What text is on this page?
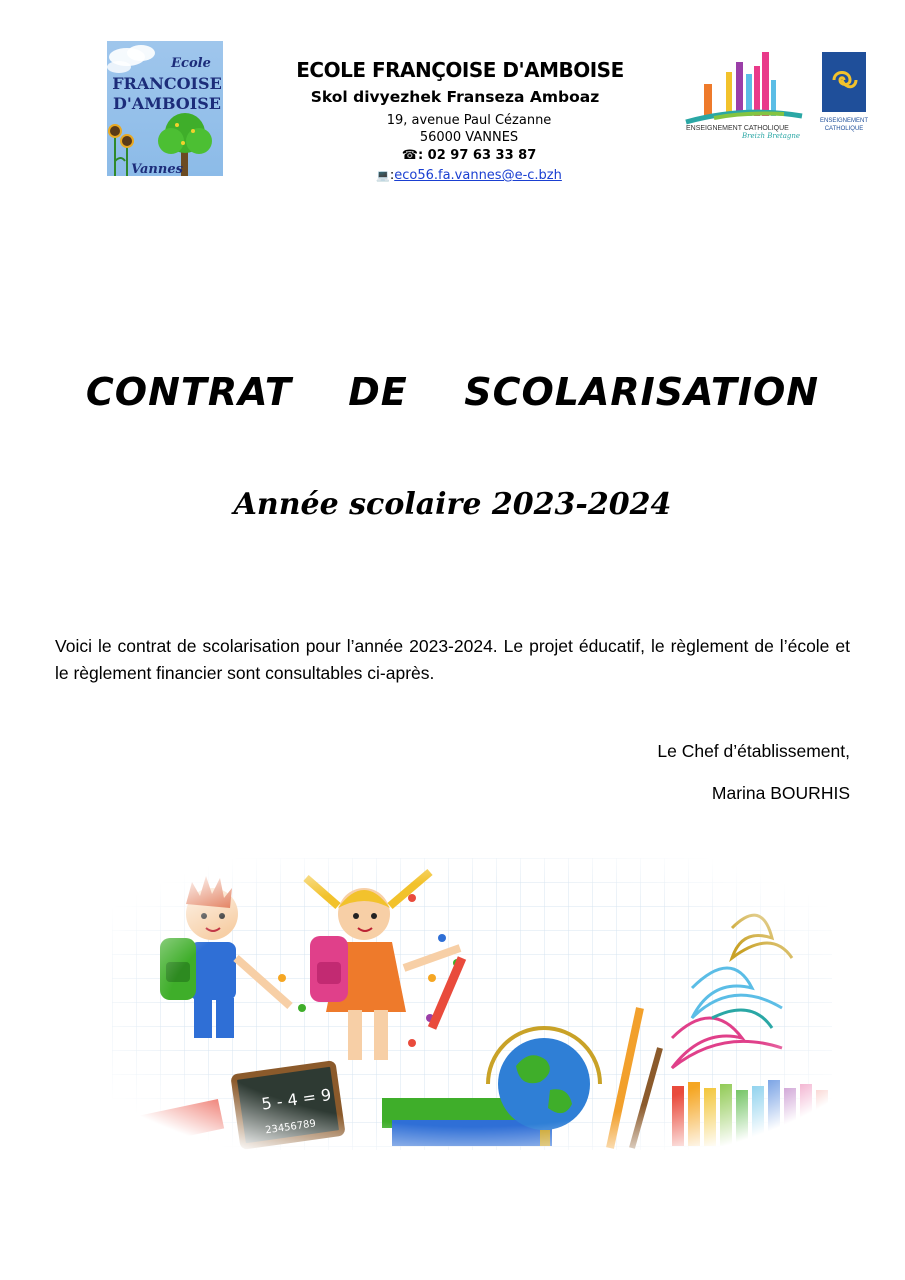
Ecole
FRANCOISE
D'AMBOISE
Vannes
ECOLE FRANÇOISE D'AMBOISE
Skol divyezhek Franseza Amboaz
19, avenue Paul Cézanne
56000 VANNES
☎: 02 97 63 33 87
💻:eco56.fa.vannes@e-c.bzh
ENSEIGNEMENT CATHOLIQUE
Breizh Bretagne
ENSEIGNEMENT
CATHOLIQUE
CONTRAT  DE  SCOLARISATION
Année scolaire 2023-2024
Voici le contrat de scolarisation pour l’année 2023-2024. Le projet éducatif, le règlement de l’école et le règlement financier sont consultables ci-après.
Le Chef d’établissement,
Marina BOURHIS
